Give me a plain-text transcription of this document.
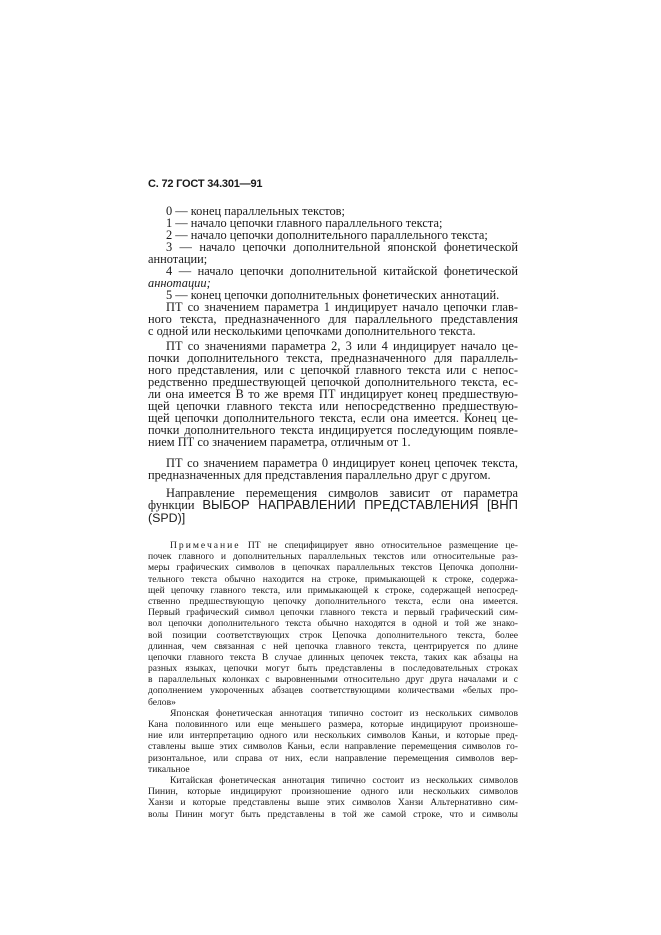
С. 72 ГОСТ 34.301—91
0 — конец параллельных текстов;
1 — начало цепочки главного параллельного текста;
2 — начало цепочки дополнительного параллельного текста;
3 — начало цепочки дополнительной японской фонетической
аннотации;
4 — начало цепочки дополнительной китайской фонетической
аннотации;
5 — конец цепочки дополнительных фонетических аннотаций.
ПТ со значением параметра 1 индицирует начало цепочки глав-
ного текста, предназначенного для параллельного представления
с одной или несколькими цепочками дополнительного текста.
ПТ со значениями параметра 2, 3 или 4 индицирует начало це-
почки дополнительного текста, предназначенного для параллель-
ного представления, или с цепочкой главного текста или с непос-
редственно предшествующей цепочкой дополнительного текста, ес-
ли она имеется В то же время ПТ индицирует конец предшествую-
щей цепочки главного текста или непосредственно предшествую-
щей цепочки дополнительного текста, если она имеется. Конец це-
почки дополнительного текста индицируется последующим появле-
нием ПТ со значением параметра, отличным от 1.
ПТ со значением параметра 0 индицирует конец цепочек текста,
предназначенных для представления параллельно друг с другом.
Направление перемещения символов зависит от параметра
функции ВЫБОР НАПРАВЛЕНИЙ ПРЕДСТАВЛЕНИЯ [ВНП
(SPD)]
Примечание ПТ не специфицирует явно относительное размещение це-
почек главного и дополнительных параллельных текстов или относительные раз-
меры графических символов в цепочках параллельных текстов Цепочка дополни-
тельного текста обычно находится на строке, примыкающей к строке, содержа-
щей цепочку главного текста, или примыкающей к строке, содержащей непосред-
ственно предшествующую цепочку дополнительного текста, если она имеется.
Первый графический символ цепочки главного текста и первый графический сим-
вол цепочки дополнительного текста обычно находятся в одной и той же знако-
вой позиции соответствующих строк Цепочка дополнительного текста, более
длинная, чем связанная с ней цепочка главного текста, центрируется по длине
цепочки главного текста В случае длинных цепочек текста, таких как абзацы на
разных языках, цепочки могут быть представлены в последовательных строках
в параллельных колонках с выровненными относительно друг друга началами и с
дополнением укороченных абзацев соответствующими количествами «белых про-
белов»
Японская фонетическая аннотация типично состоит из нескольких символов
Кана половинного или еще меньшего размера, которые индицируют произноше-
ние или интерпретацию одного или нескольких символов Каньи, и которые пред-
ставлены выше этих символов Каньи, если направление перемещения символов го-
ризонтальное, или справа от них, если направление перемещения символов вер-
тикальное
Китайская фонетическая аннотация типично состоит из нескольких символов
Пинин, которые индицируют произношение одного или нескольких символов
Ханзи и которые представлены выше этих символов Ханзи Альтернативно сим-
волы Пинин могут быть представлены в той же самой строке, что и символы
